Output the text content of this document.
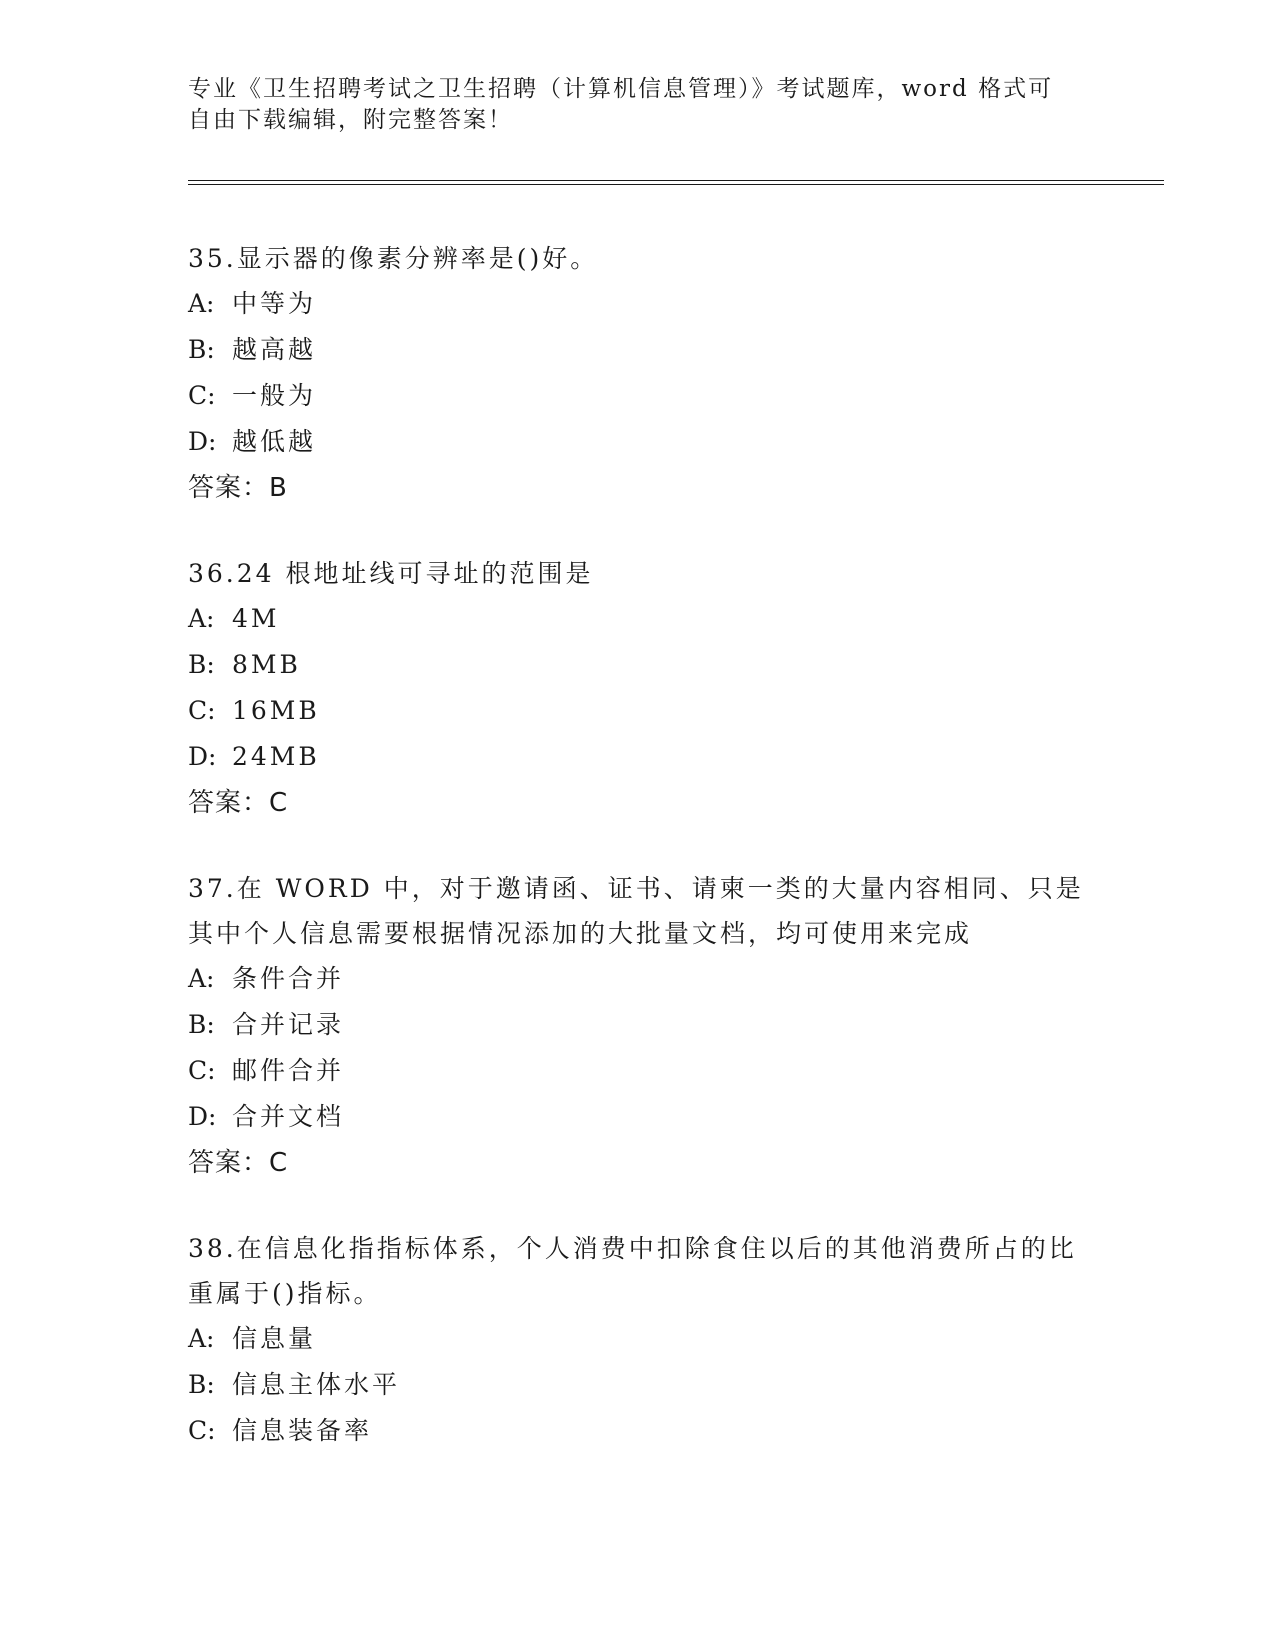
专业《卫生招聘考试之卫生招聘（计算机信息管理）》考试题库，word 格式可自由下载编辑，附完整答案！

35.显示器的像素分辨率是()好。

A: 中等为

B: 越高越

C: 一般为

D: 越低越

答案：B

36.24 根地址线可寻址的范围是

A: 4M

B: 8MB

C: 16MB

D: 24MB

答案：C

37.在 WORD 中，对于邀请函、证书、请柬一类的大量内容相同、只是其中个人信息需要根据情况添加的大批量文档，均可使用来完成

A: 条件合并

B: 合并记录

C: 邮件合并

D: 合并文档

答案：C

38.在信息化指指标体系，个人消费中扣除食住以后的其他消费所占的比重属于()指标。

A: 信息量

B: 信息主体水平

C: 信息装备率
